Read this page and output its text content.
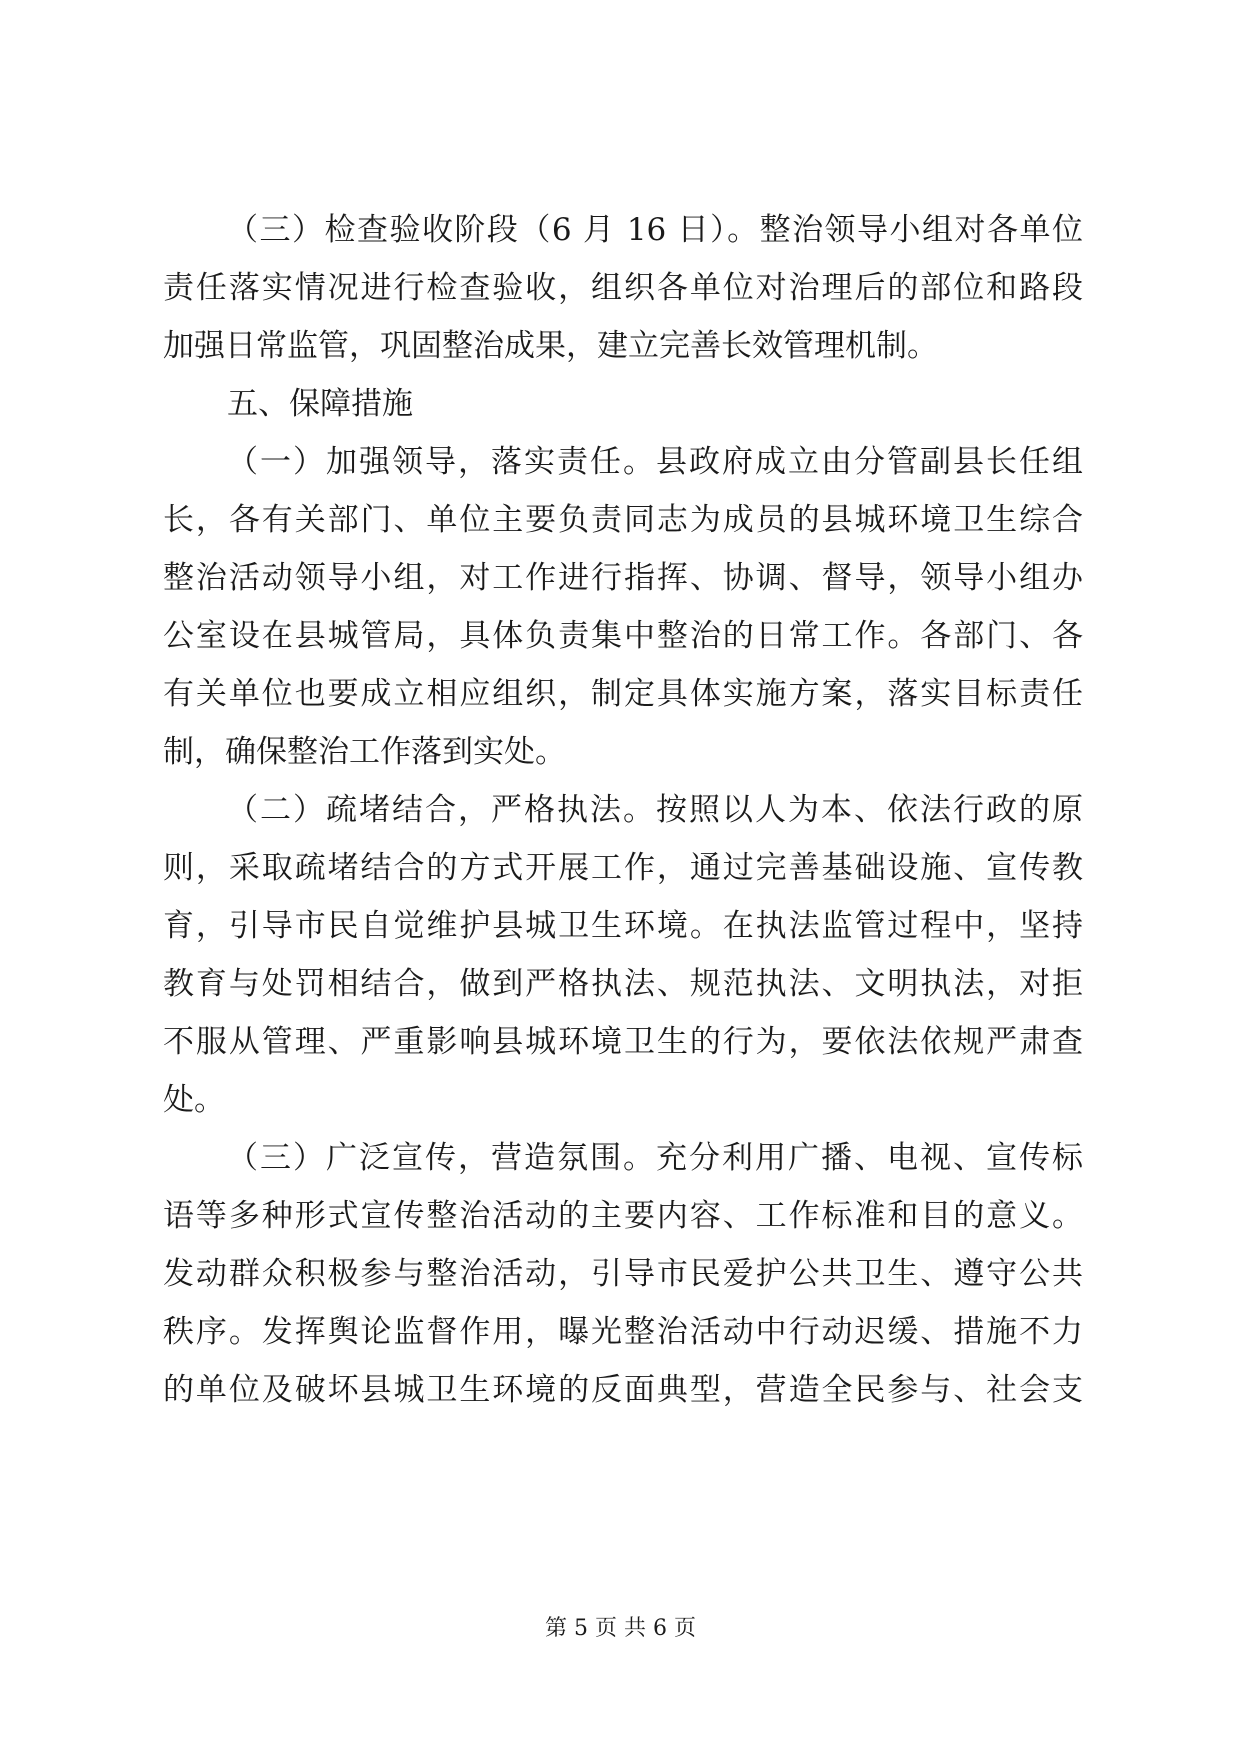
（三）检查验收阶段（6 月 16 日）。整治领导小组对各单位
责任落实情况进行检查验收，组织各单位对治理后的部位和路段
加强日常监管，巩固整治成果，建立完善长效管理机制。
五、保障措施
（一）加强领导，落实责任。县政府成立由分管副县长任组
长，各有关部门、单位主要负责同志为成员的县城环境卫生综合
整治活动领导小组，对工作进行指挥、协调、督导，领导小组办
公室设在县城管局，具体负责集中整治的日常工作。各部门、各
有关单位也要成立相应组织，制定具体实施方案，落实目标责任
制，确保整治工作落到实处。
（二）疏堵结合，严格执法。按照以人为本、依法行政的原
则，采取疏堵结合的方式开展工作，通过完善基础设施、宣传教
育，引导市民自觉维护县城卫生环境。在执法监管过程中，坚持
教育与处罚相结合，做到严格执法、规范执法、文明执法，对拒
不服从管理、严重影响县城环境卫生的行为，要依法依规严肃查
处。
（三）广泛宣传，营造氛围。充分利用广播、电视、宣传标
语等多种形式宣传整治活动的主要内容、工作标准和目的意义。
发动群众积极参与整治活动，引导市民爱护公共卫生、遵守公共
秩序。发挥舆论监督作用，曝光整治活动中行动迟缓、措施不力
的单位及破坏县城卫生环境的反面典型，营造全民参与、社会支
第 5 页 共 6 页
